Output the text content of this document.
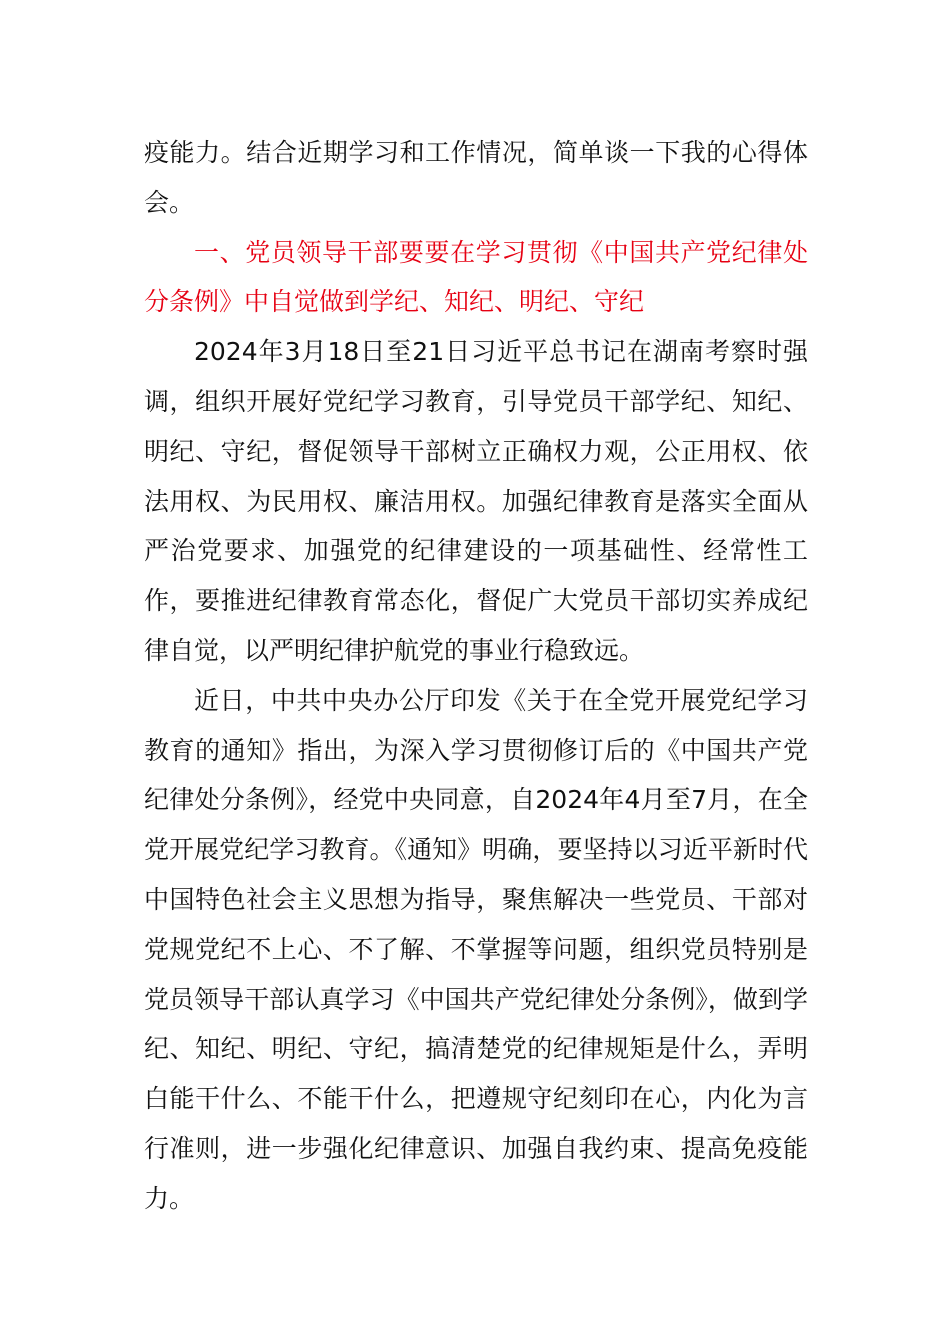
疫能力。结合近期学习和工作情况，简单谈一下我的心得体会。

一、党员领导干部要要在学习贯彻《中国共产党纪律处分条例》中自觉做到学纪、知纪、明纪、守纪

2024年3月18日至21日习近平总书记在湖南考察时强调，组织开展好党纪学习教育，引导党员干部学纪、知纪、明纪、守纪，督促领导干部树立正确权力观，公正用权、依法用权、为民用权、廉洁用权。加强纪律教育是落实全面从严治党要求、加强党的纪律建设的一项基础性、经常性工作，要推进纪律教育常态化，督促广大党员干部切实养成纪律自觉，以严明纪律护航党的事业行稳致远。

近日，中共中央办公厅印发《关于在全党开展党纪学习教育的通知》指出，为深入学习贯彻修订后的《中国共产党纪律处分条例》，经党中央同意，自2024年4月至7月，在全党开展党纪学习教育。《通知》明确，要坚持以习近平新时代中国特色社会主义思想为指导，聚焦解决一些党员、干部对党规党纪不上心、不了解、不掌握等问题，组织党员特别是党员领导干部认真学习《中国共产党纪律处分条例》，做到学纪、知纪、明纪、守纪，搞清楚党的纪律规矩是什么，弄明白能干什么、不能干什么，把遵规守纪刻印在心，内化为言行准则，进一步强化纪律意识、加强自我约束、提高免疫能力。
